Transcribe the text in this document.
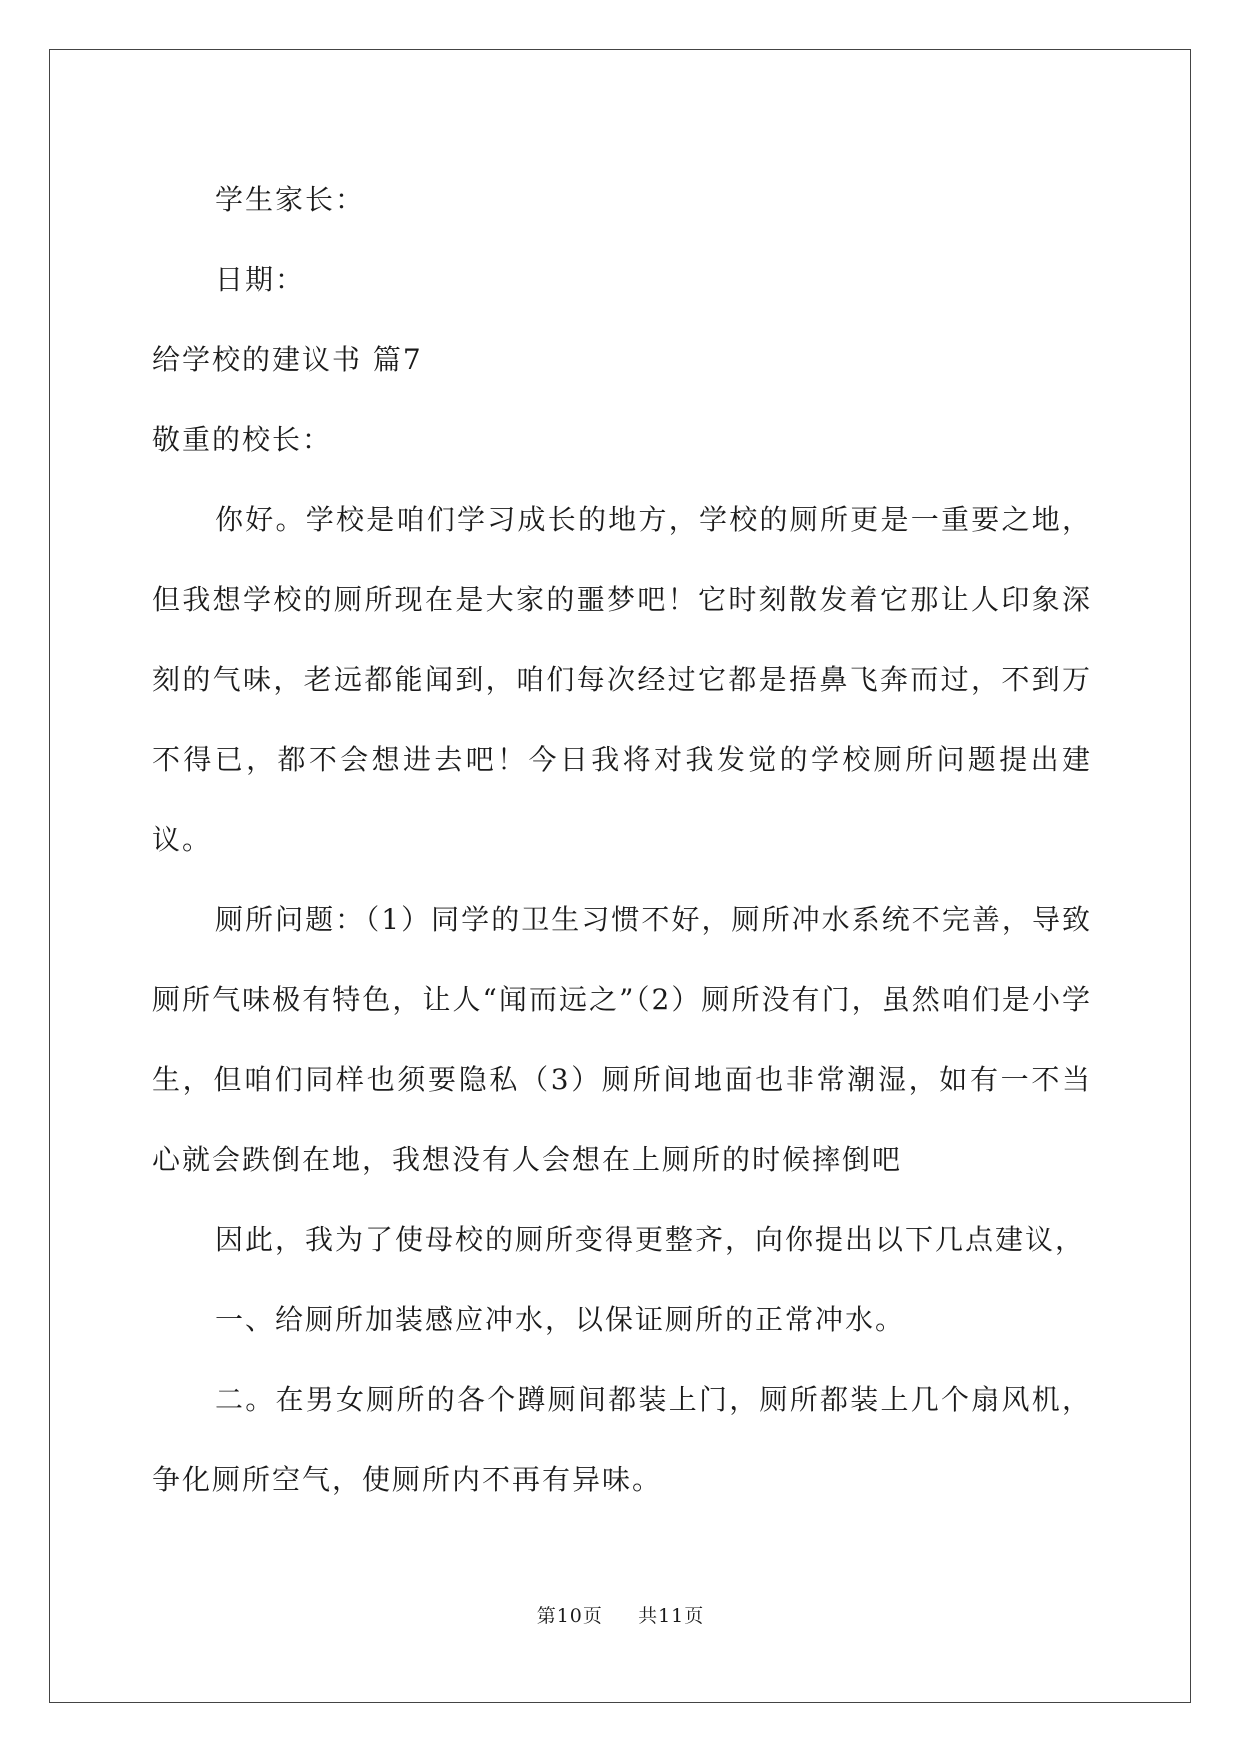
学生家长：
日期：
给学校的建议书 篇7
敬重的校长：

你好。学校是咱们学习成长的地方，学校的厕所更是一重要之地，但我想学校的厕所现在是大家的噩梦吧！它时刻散发着它那让人印象深刻的气味，老远都能闻到，咱们每次经过它都是捂鼻飞奔而过，不到万不得已，都不会想进去吧！今日我将对我发觉的学校厕所问题提出建议。

厕所问题：（1）同学的卫生习惯不好，厕所冲水系统不完善，导致厕所气味极有特色，让人“闻而远之”（2）厕所没有门，虽然咱们是小学生，但咱们同样也须要隐私（3）厕所间地面也非常潮湿，如有一不当心就会跌倒在地，我想没有人会想在上厕所的时候摔倒吧

因此，我为了使母校的厕所变得更整齐，向你提出以下几点建议，

一、给厕所加装感应冲水，以保证厕所的正常冲水。

二。在男女厕所的各个蹲厕间都装上门，厕所都装上几个扇风机，争化厕所空气，使厕所内不再有异味。

第10页 共11页
